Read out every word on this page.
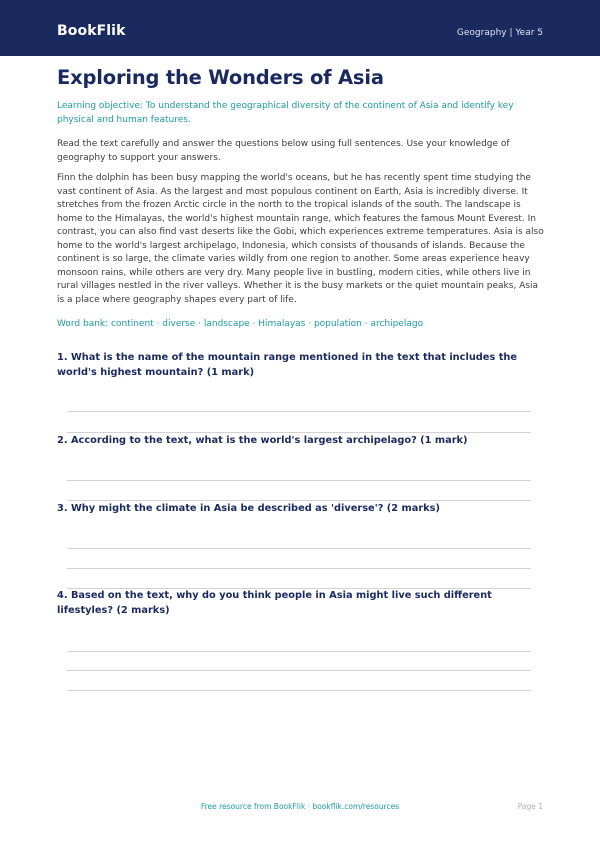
BookFlik	Geography | Year 5
Exploring the Wonders of Asia
Learning objective: To understand the geographical diversity of the continent of Asia and identify key physical and human features.
Read the text carefully and answer the questions below using full sentences. Use your knowledge of geography to support your answers.
Finn the dolphin has been busy mapping the world's oceans, but he has recently spent time studying the vast continent of Asia. As the largest and most populous continent on Earth, Asia is incredibly diverse. It stretches from the frozen Arctic circle in the north to the tropical islands of the south. The landscape is home to the Himalayas, the world's highest mountain range, which features the famous Mount Everest. In contrast, you can also find vast deserts like the Gobi, which experiences extreme temperatures. Asia is also home to the world's largest archipelago, Indonesia, which consists of thousands of islands. Because the continent is so large, the climate varies wildly from one region to another. Some areas experience heavy monsoon rains, while others are very dry. Many people live in bustling, modern cities, while others live in rural villages nestled in the river valleys. Whether it is the busy markets or the quiet mountain peaks, Asia is a place where geography shapes every part of life.
Word bank: continent · diverse · landscape · Himalayas · population · archipelago
1. What is the name of the mountain range mentioned in the text that includes the world's highest mountain? (1 mark)
2. According to the text, what is the world's largest archipelago? (1 mark)
3. Why might the climate in Asia be described as 'diverse'? (2 marks)
4. Based on the text, why do you think people in Asia might live such different lifestyles? (2 marks)
Free resource from BookFlik · bookflik.com/resources	Page 1
